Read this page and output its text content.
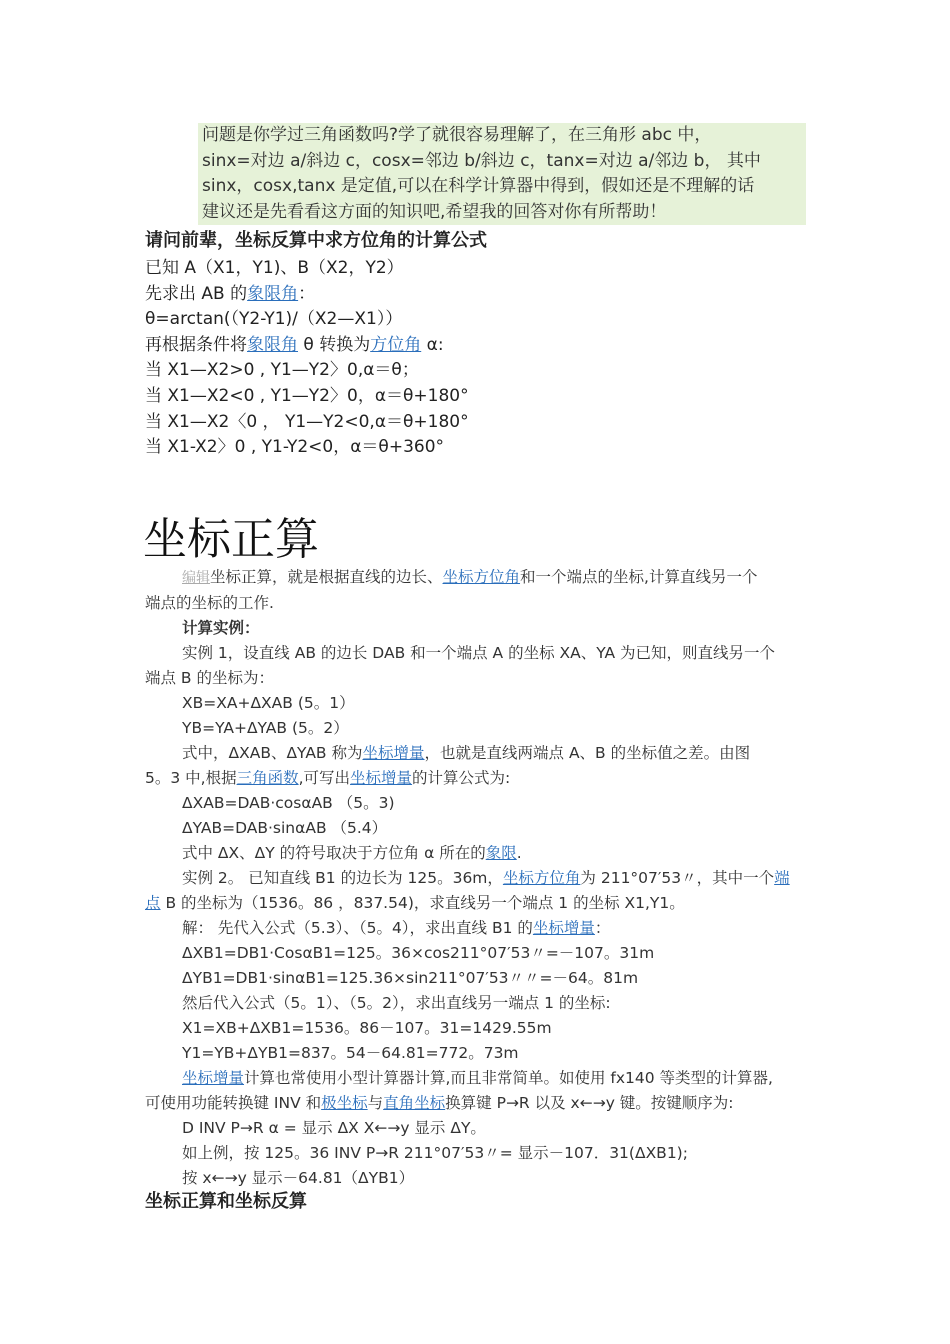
问题是你学过三角函数吗?学了就很容易理解了，在三角形 abc 中，
sinx=对边 a/斜边 c，cosx=邻边 b/斜边 c，tanx=对边 a/邻边 b， 其中
sinx，cosx,tanx 是定值,可以在科学计算器中得到，假如还是不理解的话
建议还是先看看这方面的知识吧,希望我的回答对你有所帮助！
请问前辈，坐标反算中求方位角的计算公式
已知 A（X1，Y1)、B（X2，Y2）
先求出 AB 的象限角：
θ=arctan(（Y2-Y1)/（X2—X1））
再根据条件将象限角 θ 转换为方位角 α:
当 X1—X2>0 , Y1—Y2〉0,α＝θ；
当 X1—X2<0 , Y1—Y2〉0，α＝θ+180°
当 X1—X2〈0 ， Y1—Y2<0,α＝θ+180°
当 X1-X2〉0 , Y1-Y2<0，α＝θ+360°
坐标正算
编辑坐标正算，就是根据直线的边长、坐标方位角和一个端点的坐标,计算直线另一个
端点的坐标的工作.
计算实例：
实例 1，设直线 AB 的边长 DAB 和一个端点 A 的坐标 XA、YA 为已知，则直线另一个
端点 B 的坐标为：
XB=XA+ΔXAB (5。1）
YB=YA+ΔYAB (5。2）
式中，ΔXAB、ΔYAB 称为坐标增量，也就是直线两端点 A、B 的坐标值之差。由图
5。3 中,根据三角函数,可写出坐标增量的计算公式为:
ΔXAB=DAB·cosαAB （5。3)
ΔYAB=DAB·sinαAB （5.4）
式中 ΔX、ΔY 的符号取决于方位角 α 所在的象限.
实例 2。 已知直线 B1 的边长为 125。36m，坐标方位角为 211°07′53〃，其中一个端
点 B 的坐标为（1536。86 ，837.54)，求直线另一个端点 1 的坐标 X1,Y1。
解： 先代入公式（5.3）、（5。4），求出直线 B1 的坐标增量：
ΔXB1=DB1·CosαB1=125。36×cos211°07′53〃=－107。31m
ΔYB1=DB1·sinαB1=125.36×sin211°07′53〃〃=－64。81m
然后代入公式（5。1）、（5。2），求出直线另一端点 1 的坐标:
X1=XB+ΔXB1=1536。86－107。31=1429.55m
Y1=YB+ΔYB1=837。54－64.81=772。73m
坐标增量计算也常使用小型计算器计算,而且非常简单。如使用 fx140 等类型的计算器,
可使用功能转换键 INV 和极坐标与直角坐标换算键 P→R 以及 x←→y 键。按键顺序为:
D INV P→R α = 显示 ΔX X←→y 显示 ΔY。
如上例，按 125。36 INV P→R 211°07′53〃= 显示－107．31(ΔXB1);
按 x←→y 显示－64.81（ΔYB1）
坐标正算和坐标反算
